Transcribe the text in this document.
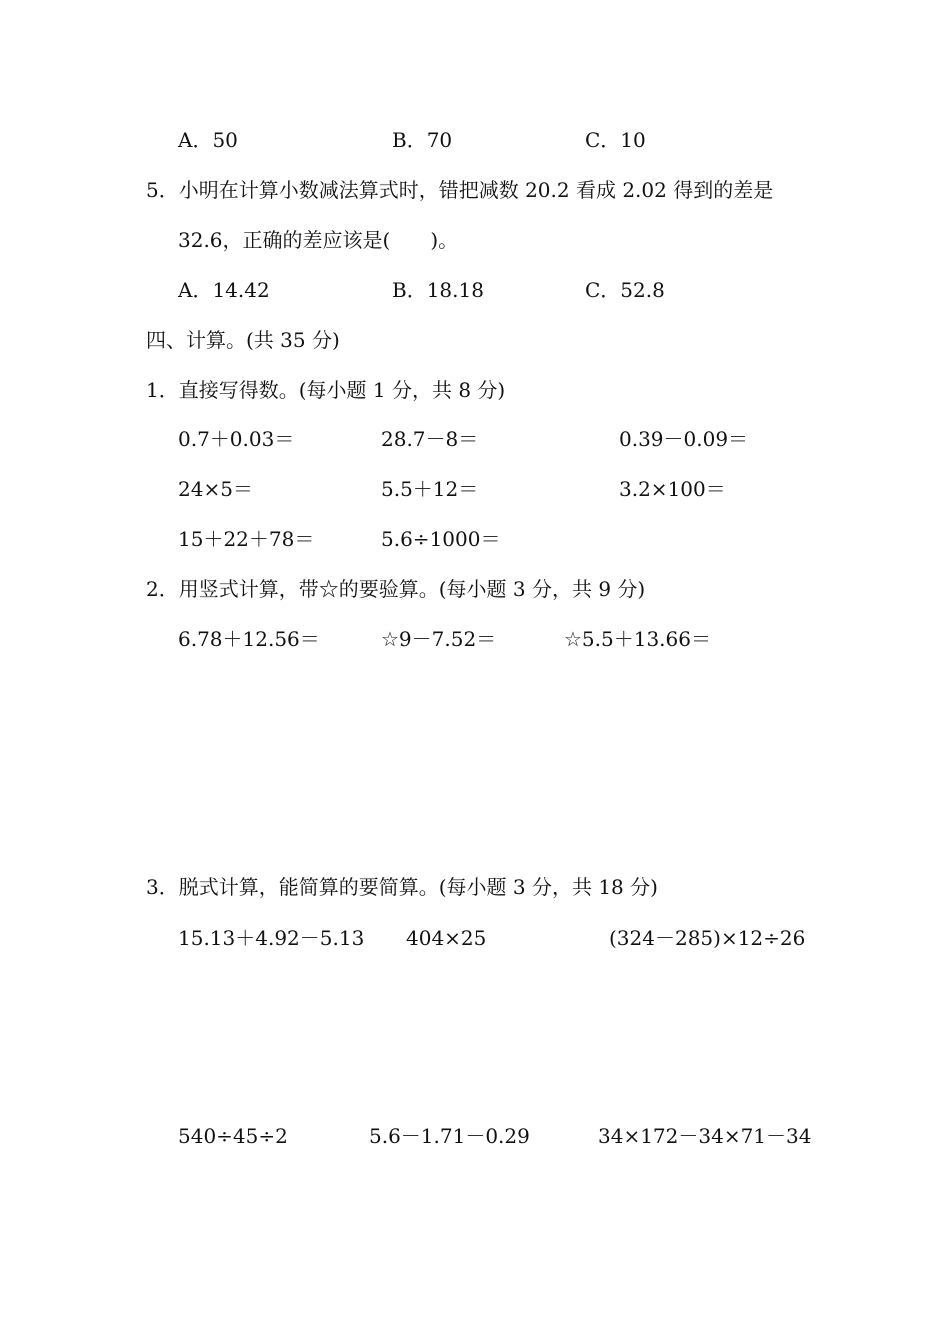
A．50	B．70	C．10
5．小明在计算小数减法算式时，错把减数 20.2 看成 2.02 得到的差是
32.6，正确的差应该是(　　)。
A．14.42	B．18.18	C．52.8
四、计算。(共 35 分)
1．直接写得数。(每小题 1 分，共 8 分)
0.7＋0.03＝	28.7－8＝	0.39－0.09＝
24×5＝	5.5＋12＝	3.2×100＝
15＋22＋78＝	5.6÷1000＝
2．用竖式计算，带☆的要验算。(每小题 3 分，共 9 分)
6.78＋12.56＝	☆9－7.52＝	☆5.5＋13.66＝
3．脱式计算，能简算的要简算。(每小题 3 分，共 18 分)
15.13＋4.92－5.13 404×25	(324－285)×12÷26
540÷45÷2	5.6－1.71－0.29	34×172－34×71－34
